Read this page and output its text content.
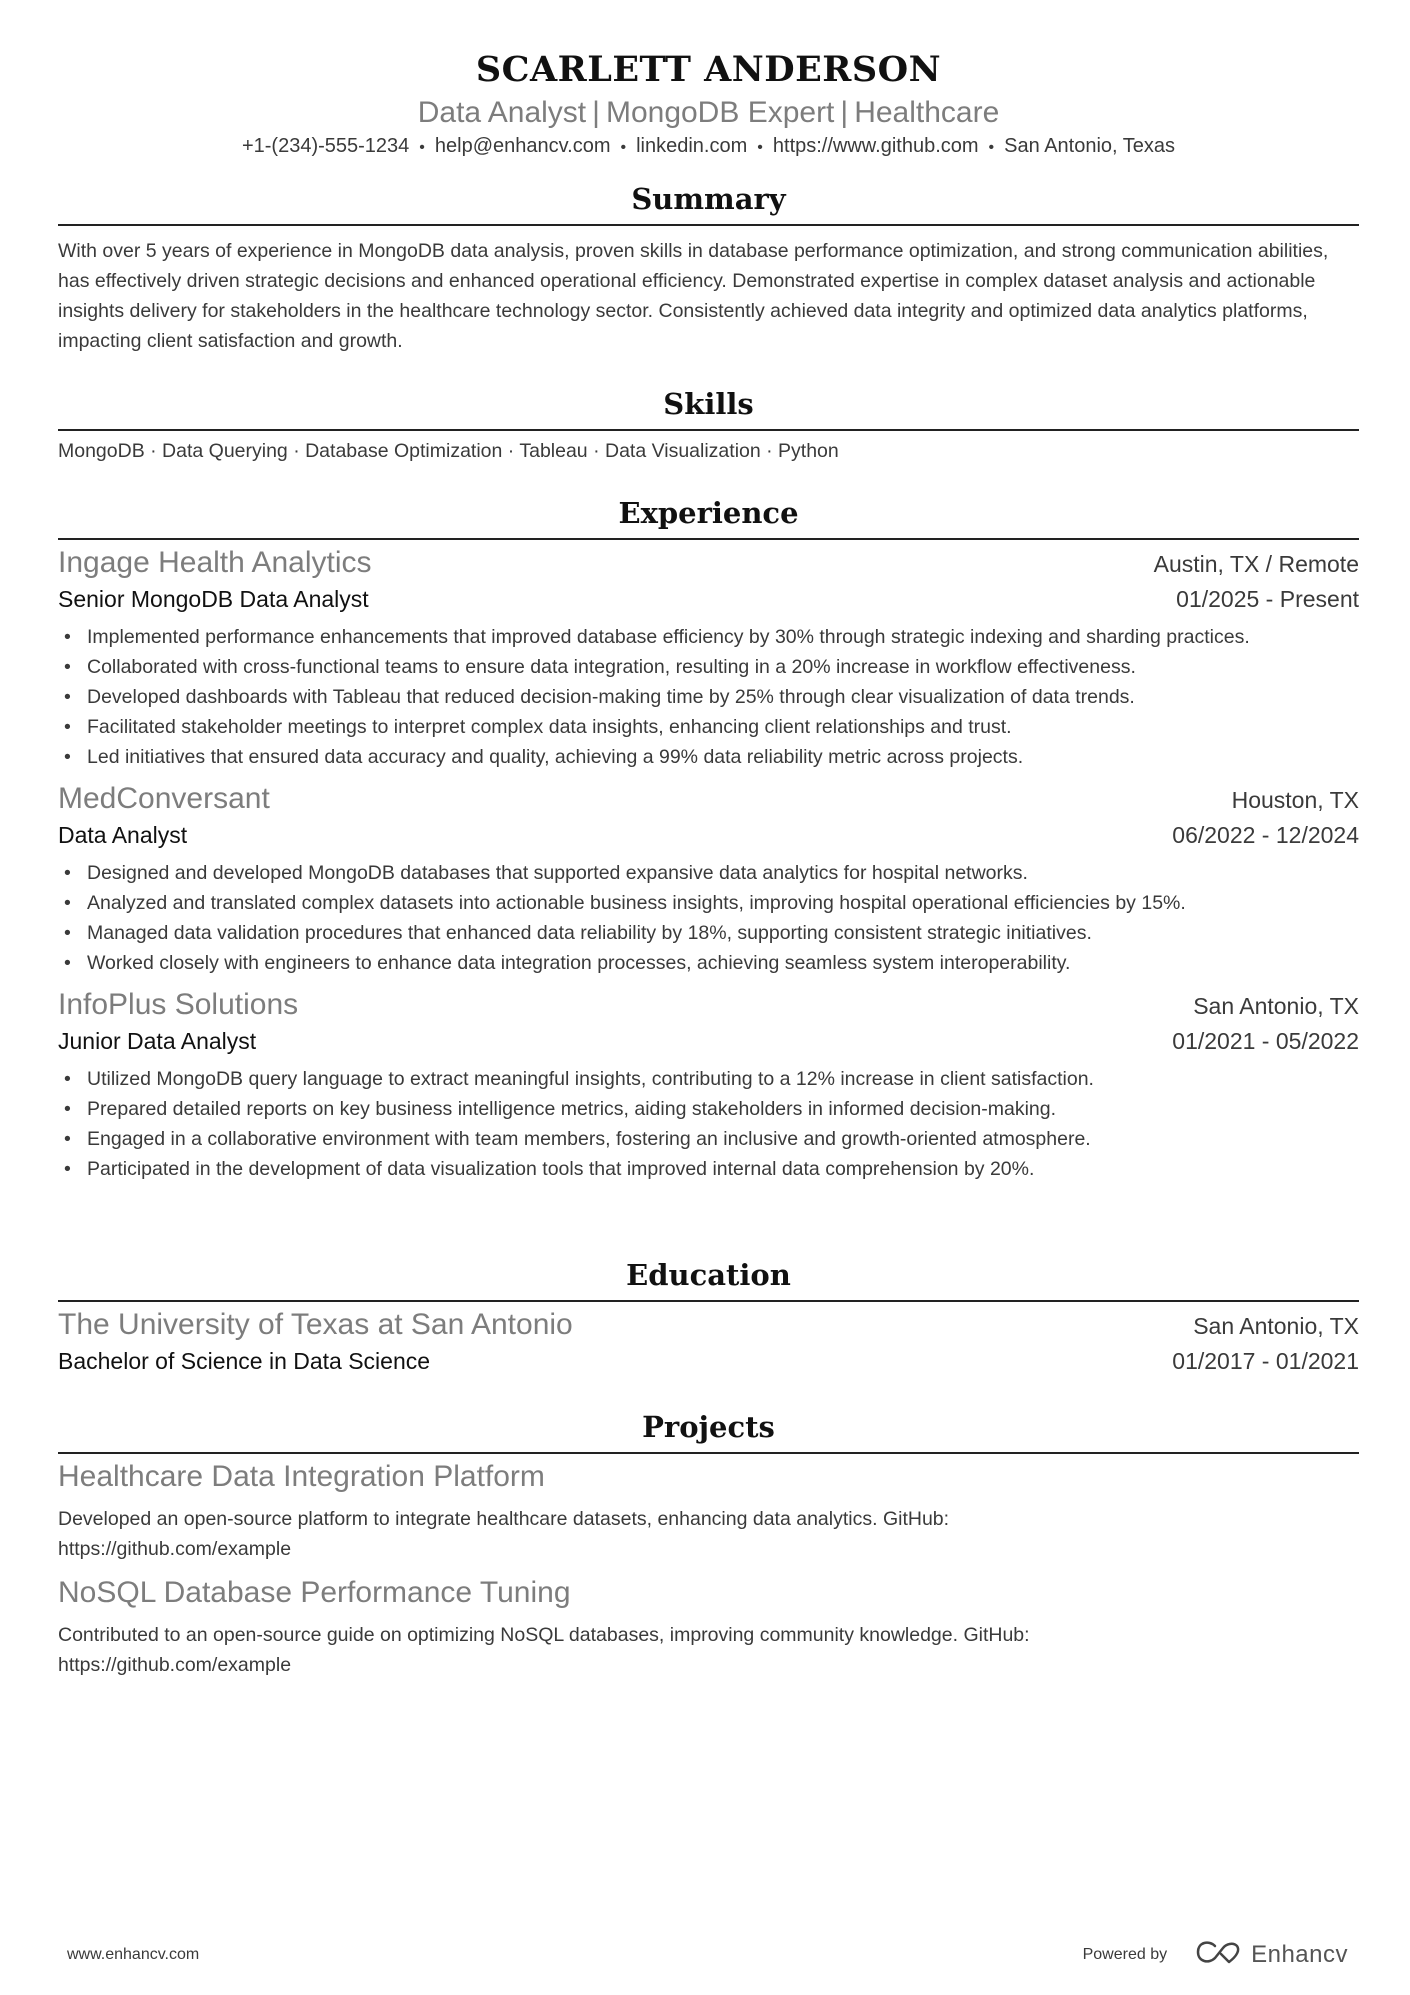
SCARLETT ANDERSON
Data Analyst | MongoDB Expert | Healthcare
+1-(234)-555-1234 • help@enhancv.com • linkedin.com • https://www.github.com • San Antonio, Texas
Summary

With over 5 years of experience in MongoDB data analysis, proven skills in database performance optimization, and strong communication abilities, has effectively driven strategic decisions and enhanced operational efficiency. Demonstrated expertise in complex dataset analysis and actionable insights delivery for stakeholders in the healthcare technology sector. Consistently achieved data integrity and optimized data analytics platforms, impacting client satisfaction and growth.

Skills

MongoDB · Data Querying · Database Optimization · Tableau · Data Visualization · Python

Experience
Ingage Health Analytics	Austin, TX / Remote
Senior MongoDB Data Analyst	01/2025 - Present
• Implemented performance enhancements that improved database efficiency by 30% through strategic indexing and sharding practices.
• Collaborated with cross-functional teams to ensure data integration, resulting in a 20% increase in workflow effectiveness.
• Developed dashboards with Tableau that reduced decision-making time by 25% through clear visualization of data trends.
• Facilitated stakeholder meetings to interpret complex data insights, enhancing client relationships and trust.
• Led initiatives that ensured data accuracy and quality, achieving a 99% data reliability metric across projects.
MedConversant	Houston, TX
Data Analyst	06/2022 - 12/2024
• Designed and developed MongoDB databases that supported expansive data analytics for hospital networks.
• Analyzed and translated complex datasets into actionable business insights, improving hospital operational efficiencies by 15%.
• Managed data validation procedures that enhanced data reliability by 18%, supporting consistent strategic initiatives.
• Worked closely with engineers to enhance data integration processes, achieving seamless system interoperability.
InfoPlus Solutions	San Antonio, TX
Junior Data Analyst	01/2021 - 05/2022
• Utilized MongoDB query language to extract meaningful insights, contributing to a 12% increase in client satisfaction.
• Prepared detailed reports on key business intelligence metrics, aiding stakeholders in informed decision-making.
• Engaged in a collaborative environment with team members, fostering an inclusive and growth-oriented atmosphere.
• Participated in the development of data visualization tools that improved internal data comprehension by 20%.
Education
The University of Texas at San Antonio	San Antonio, TX
Bachelor of Science in Data Science	01/2017 - 01/2021
Projects
Healthcare Data Integration Platform

Developed an open-source platform to integrate healthcare datasets, enhancing data analytics. GitHub: https://github.com/example

NoSQL Database Performance Tuning

Contributed to an open-source guide on optimizing NoSQL databases, improving community knowledge. GitHub: https://github.com/example

www.enhancv.com	Powered by	Enhancv
